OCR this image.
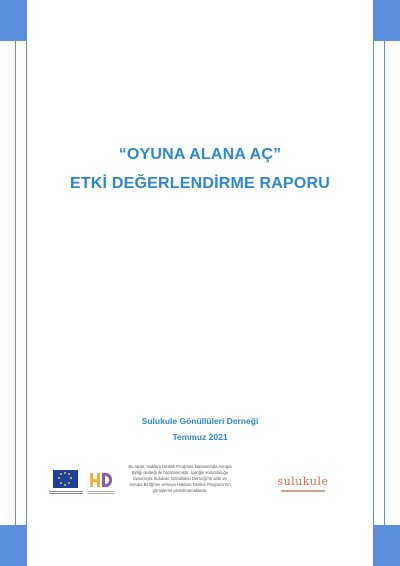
“OYUNA ALANA AÇ”
ETKİ DEĞERLENDİRME RAPORU
Sulukule Gönüllüleri Derneği
Temmuz 2021
Bu rapor, Haklara Destek Programı kapsamında Avrupa
Birliği desteği ile hazırlanmıştır. İçeriğin sorumluluğu
tamamıyla Sulukule Gönüllüleri Derneği'ne aittir ve
Avrupa Birliği'nin ve/veya Haklara Destek Programı'nın
görüşlerini yansıtmamaktadır.
sulukule
